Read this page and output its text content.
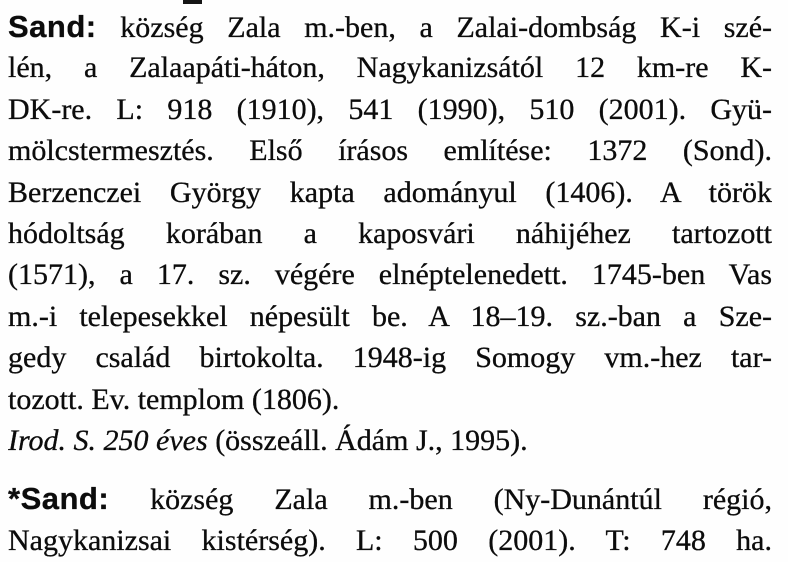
Sand: község Zala m.-ben, a Zalai-dombság K-i szé-
lén, a Zalaapáti-háton, Nagykanizsától 12 km-re K-
DK-re. L: 918 (1910), 541 (1990), 510 (2001). Gyü-
mölcstermesztés. Első írásos említése: 1372 (Sond).
Berzenczei György kapta adományul (1406). A török
hódoltság korában a kaposvári náhijéhez tartozott
(1571), a 17. sz. végére elnéptelenedett. 1745-ben Vas
m.-i telepesekkel népesült be. A 18–19. sz.-ban a Sze-
gedy család birtokolta. 1948-ig Somogy vm.-hez tar-
tozott. Ev. templom (1806).
Irod. S. 250 éves (összeáll. Ádám J., 1995).
*Sand: község Zala m.-ben (Ny-Dunántúl régió,
Nagykanizsai kistérség). L: 500 (2001). T: 748 ha.
